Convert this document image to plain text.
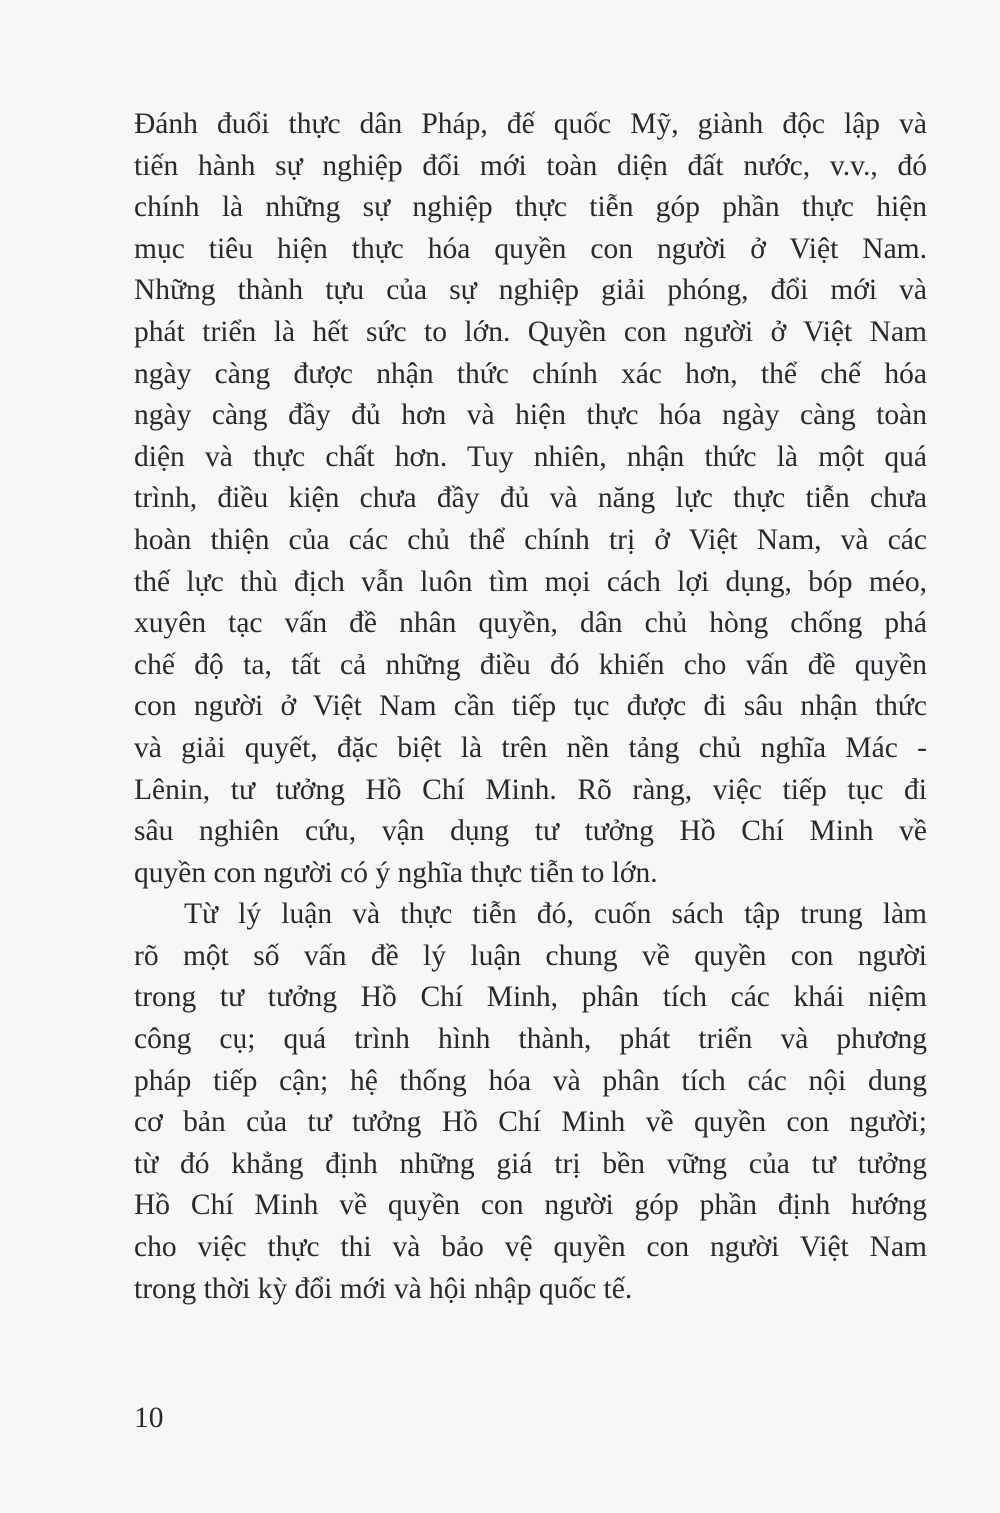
Đánh đuổi thực dân Pháp, đế quốc Mỹ, giành độc lập và
tiến hành sự nghiệp đổi mới toàn diện đất nước, v.v., đó
chính là những sự nghiệp thực tiễn góp phần thực hiện
mục tiêu hiện thực hóa quyền con người ở Việt Nam.
Những thành tựu của sự nghiệp giải phóng, đổi mới và
phát triển là hết sức to lớn. Quyền con người ở Việt Nam
ngày càng được nhận thức chính xác hơn, thể chế hóa
ngày càng đầy đủ hơn và hiện thực hóa ngày càng toàn
diện và thực chất hơn. Tuy nhiên, nhận thức là một quá
trình, điều kiện chưa đầy đủ và năng lực thực tiễn chưa
hoàn thiện của các chủ thể chính trị ở Việt Nam, và các
thế lực thù địch vẫn luôn tìm mọi cách lợi dụng, bóp méo,
xuyên tạc vấn đề nhân quyền, dân chủ hòng chống phá
chế độ ta, tất cả những điều đó khiến cho vấn đề quyền
con người ở Việt Nam cần tiếp tục được đi sâu nhận thức
và giải quyết, đặc biệt là trên nền tảng chủ nghĩa Mác -
Lênin, tư tưởng Hồ Chí Minh. Rõ ràng, việc tiếp tục đi
sâu nghiên cứu, vận dụng tư tưởng Hồ Chí Minh về
quyền con người có ý nghĩa thực tiễn to lớn.
Từ lý luận và thực tiễn đó, cuốn sách tập trung làm
rõ một số vấn đề lý luận chung về quyền con người
trong tư tưởng Hồ Chí Minh, phân tích các khái niệm
công cụ; quá trình hình thành, phát triển và phương
pháp tiếp cận; hệ thống hóa và phân tích các nội dung
cơ bản của tư tưởng Hồ Chí Minh về quyền con người;
từ đó khẳng định những giá trị bền vững của tư tưởng
Hồ Chí Minh về quyền con người góp phần định hướng
cho việc thực thi và bảo vệ quyền con người Việt Nam
trong thời kỳ đổi mới và hội nhập quốc tế.
10
